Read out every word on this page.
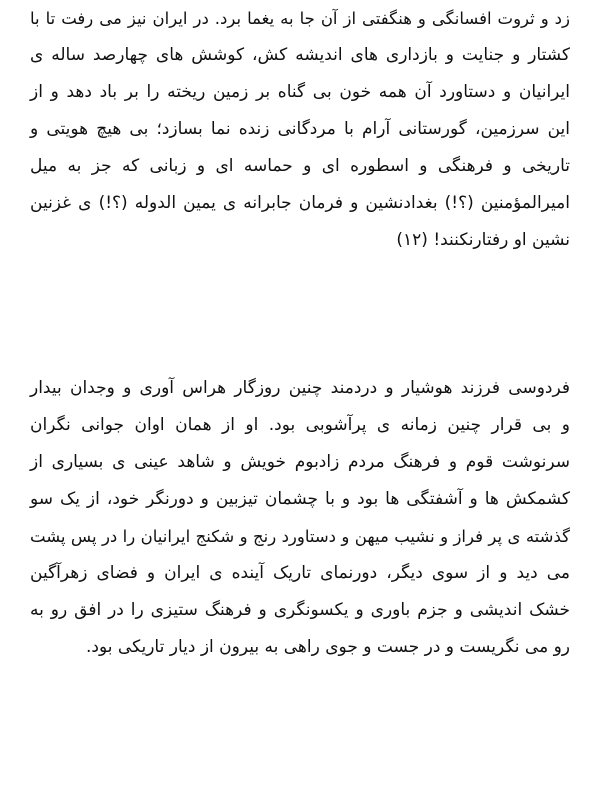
زد و ثروت افسانگی و هنگفتی از آن جا به یغما برد. در ایران نیز می رفت تا با
کشتار و جنایت و بازداری های اندیشه کش، کوشش های چهارصد ساله ی
ایرانیان و دستاورد آن همه خون بی گناه بر زمین ریخته را بر باد دهد و از
این سرزمین، گورستانی آرام با مردگانی زنده نما بسازد؛ بی هیچ هویتی و
تاریخی و فرهنگی و اسطوره ای و حماسه ای و زبانی که جز به میل
امیرالمؤمنین (؟!) بغدادنشین و فرمان جابرانه ی یمین الدوله (؟!) ی غزنین
نشین او رفتارنکنند! (۱۲)
فردوسی فرزند هوشیار و دردمند چنین روزگار هراس آوری و وجدان بیدار
و بی قرار چنین زمانه ی پرآشوبی بود. او از همان اوان جوانی نگران
سرنوشت قوم و فرهنگ مردم زادبوم خویش و شاهد عینی ی بسیاری از
کشمکش ها و آشفتگی ها بود و با چشمان تیزبین و دورنگر خود، از یک سو
گذشته ی پر فراز و نشیب میهن و دستاورد رنج و شکنج ایرانیان را در پس پشت
می دید و از سوی دیگر، دورنمای تاریک آینده ی ایران و فضای زهرآگین
خشک اندیشی و جزم باوری و یکسونگری و فرهنگ ستیزی را در افق رو به
رو می نگریست و در جست و جوی راهی به بیرون از دیار تاریکی بود.
